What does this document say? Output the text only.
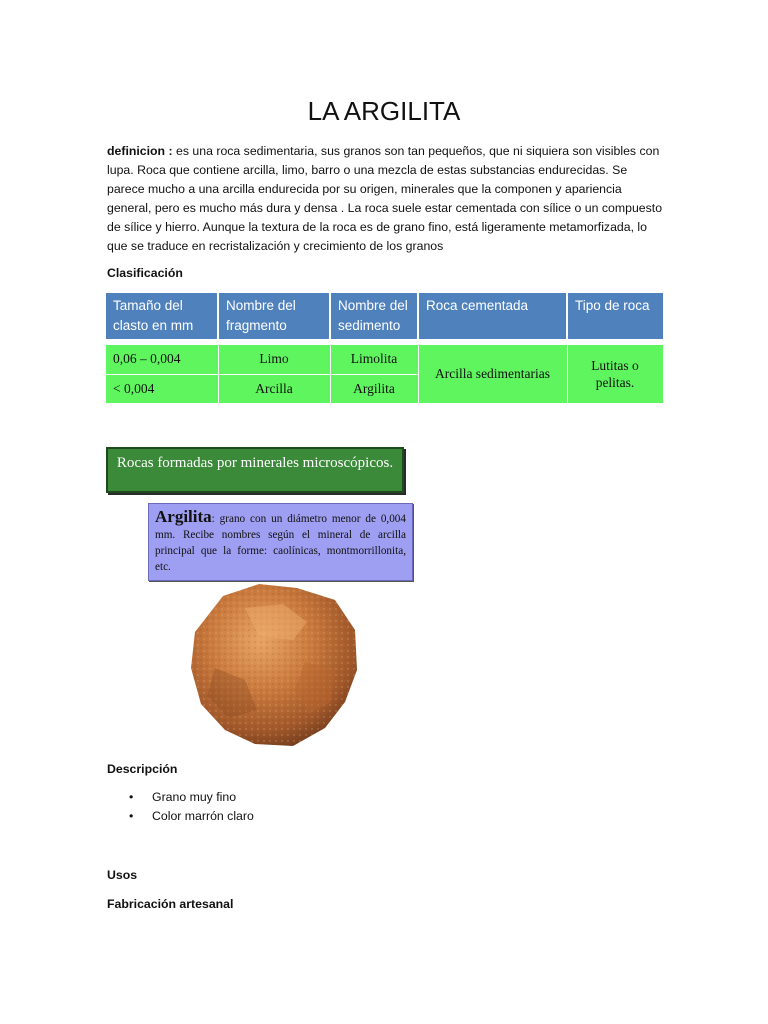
LA ARGILITA
definicion : es una roca sedimentaria, sus granos son tan pequeños, que ni siquiera son visibles con lupa. Roca que contiene arcilla, limo, barro o una mezcla de estas substancias endurecidas. Se parece mucho a una arcilla endurecida por su origen, minerales que la componen y apariencia general, pero es mucho más dura y densa . La roca suele estar cementada con sílice o un compuesto de sílice y hierro. Aunque la textura de la roca es de grano fino, está ligeramente metamorfizada, lo que se traduce en recristalización y crecimiento de los granos
Clasificación
Tamaño del clasto en mm	Nombre del fragmento	Nombre del sedimento	Roca cementada	Tipo de roca

0,06 – 0,004	Limo	Limolita	Arcilla sedimentarias	Lutitas o pelitas.
< 0,004	Arcilla	Argilita		
Rocas formadas por minerales microscópicos.
Argilita: grano con un diámetro menor de 0,004 mm. Recibe nombres según el mineral de arcilla principal que la forme: caolínicas, montmorrillonita, etc.
Descripción
• Grano muy fino
• Color marrón claro
Usos
Fabricación artesanal
